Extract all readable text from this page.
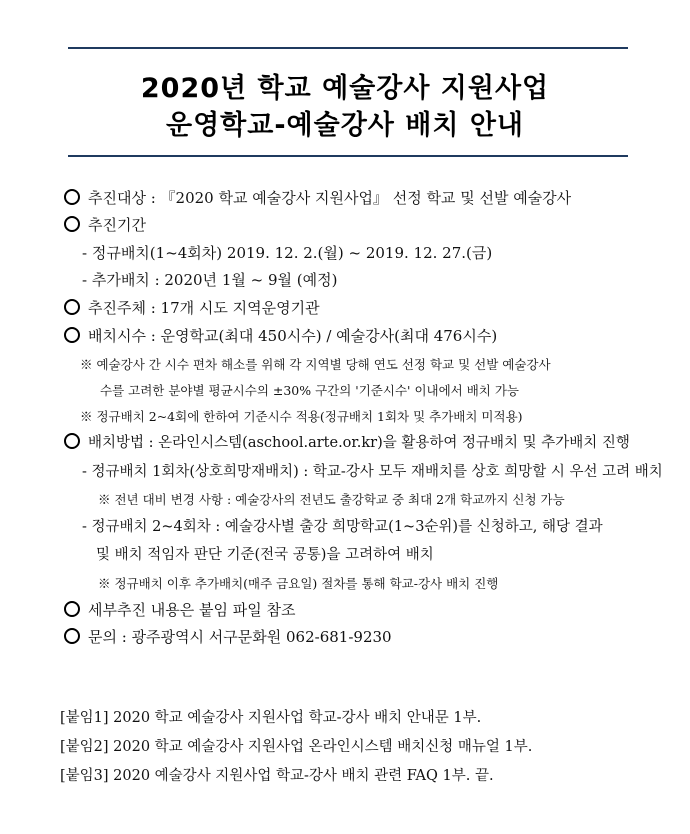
2020년 학교 예술강사 지원사업
운영학교-예술강사 배치 안내
추진대상 : 『2020 학교 예술강사 지원사업』 선정 학교 및 선발 예술강사
추진기간
- 정규배치(1~4회차) 2019. 12. 2.(월) ~ 2019. 12. 27.(금)
- 추가배치 : 2020년 1월 ~ 9월 (예정)
추진주체 : 17개 시도 지역운영기관
배치시수 : 운영학교(최대 450시수) / 예술강사(최대 476시수)
※ 예술강사 간 시수 편차 해소를 위해 각 지역별 당해 연도 선정 학교 및 선발 예술강사
수를 고려한 분야별 평균시수의 ±30% 구간의 '기준시수' 이내에서 배치 가능
※ 정규배치 2~4회에 한하여 기준시수 적용(정규배치 1회차 및 추가배치 미적용)
배치방법 : 온라인시스템(aschool.arte.or.kr)을 활용하여 정규배치 및 추가배치 진행
- 정규배치 1회차(상호희망재배치) : 학교-강사 모두 재배치를 상호 희망할 시 우선 고려 배치
※ 전년 대비 변경 사항 : 예술강사의 전년도 출강학교 중 최대 2개 학교까지 신청 가능
- 정규배치 2~4회차 : 예술강사별 출강 희망학교(1~3순위)를 신청하고, 해당 결과
및 배치 적임자 판단 기준(전국 공통)을 고려하여 배치
※ 정규배치 이후 추가배치(매주 금요일) 절차를 통해 학교-강사 배치 진행
세부추진 내용은 붙임 파일 참조
문의 : 광주광역시 서구문화원 062-681-9230
[붙임1] 2020 학교 예술강사 지원사업 학교-강사 배치 안내문 1부.
[붙임2] 2020 학교 예술강사 지원사업 온라인시스템 배치신청 매뉴얼 1부.
[붙임3] 2020 예술강사 지원사업 학교-강사 배치 관련 FAQ 1부. 끝.
